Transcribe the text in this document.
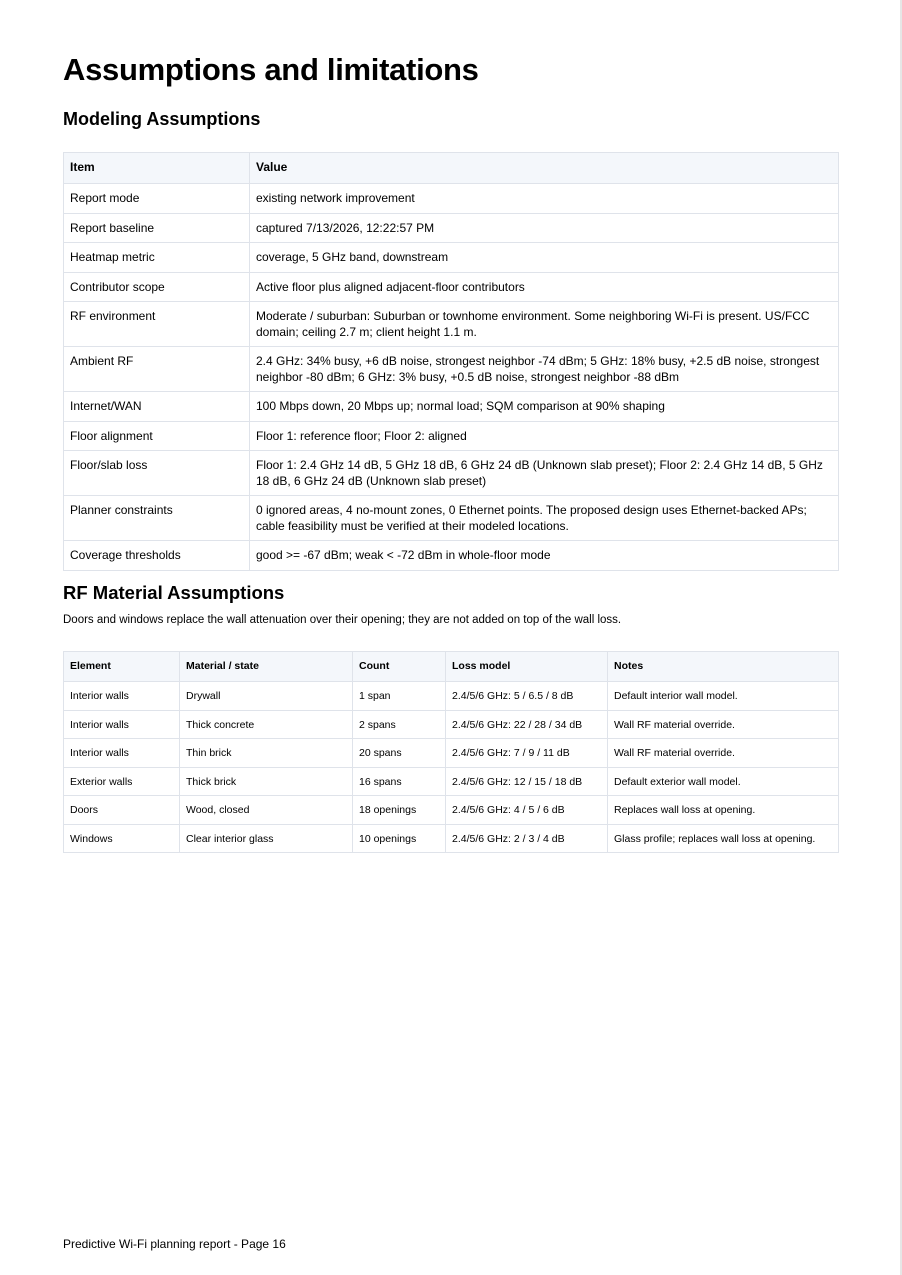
Assumptions and limitations
Modeling Assumptions
Item	Value
Report mode	existing network improvement
Report baseline	captured 7/13/2026, 12:22:57 PM
Heatmap metric	coverage, 5 GHz band, downstream
Contributor scope	Active floor plus aligned adjacent-floor contributors
RF environment	Moderate / suburban: Suburban or townhome environment. Some neighboring Wi-Fi is present. US/FCC domain; ceiling 2.7 m; client height 1.1 m.
Ambient RF	2.4 GHz: 34% busy, +6 dB noise, strongest neighbor -74 dBm; 5 GHz: 18% busy, +2.5 dB noise, strongest neighbor -80 dBm; 6 GHz: 3% busy, +0.5 dB noise, strongest neighbor -88 dBm
Internet/WAN	100 Mbps down, 20 Mbps up; normal load; SQM comparison at 90% shaping
Floor alignment	Floor 1: reference floor; Floor 2: aligned
Floor/slab loss	Floor 1: 2.4 GHz 14 dB, 5 GHz 18 dB, 6 GHz 24 dB (Unknown slab preset); Floor 2: 2.4 GHz 14 dB, 5 GHz 18 dB, 6 GHz 24 dB (Unknown slab preset)
Planner constraints	0 ignored areas, 4 no-mount zones, 0 Ethernet points. The proposed design uses Ethernet-backed APs; cable feasibility must be verified at their modeled locations.
Coverage thresholds	good >= -67 dBm; weak < -72 dBm in whole-floor mode
RF Material Assumptions

Doors and windows replace the wall attenuation over their opening; they are not added on top of the wall loss.

Element	Material / state	Count	Loss model	Notes
Interior walls	Drywall	1 span	2.4/5/6 GHz: 5 / 6.5 / 8 dB	Default interior wall model.
Interior walls	Thick concrete	2 spans	2.4/5/6 GHz: 22 / 28 / 34 dB	Wall RF material override.
Interior walls	Thin brick	20 spans	2.4/5/6 GHz: 7 / 9 / 11 dB	Wall RF material override.
Exterior walls	Thick brick	16 spans	2.4/5/6 GHz: 12 / 15 / 18 dB	Default exterior wall model.
Doors	Wood, closed	18 openings	2.4/5/6 GHz: 4 / 5 / 6 dB	Replaces wall loss at opening.
Windows	Clear interior glass	10 openings	2.4/5/6 GHz: 2 / 3 / 4 dB	Glass profile; replaces wall loss at opening.
Predictive Wi-Fi planning report - Page 16
